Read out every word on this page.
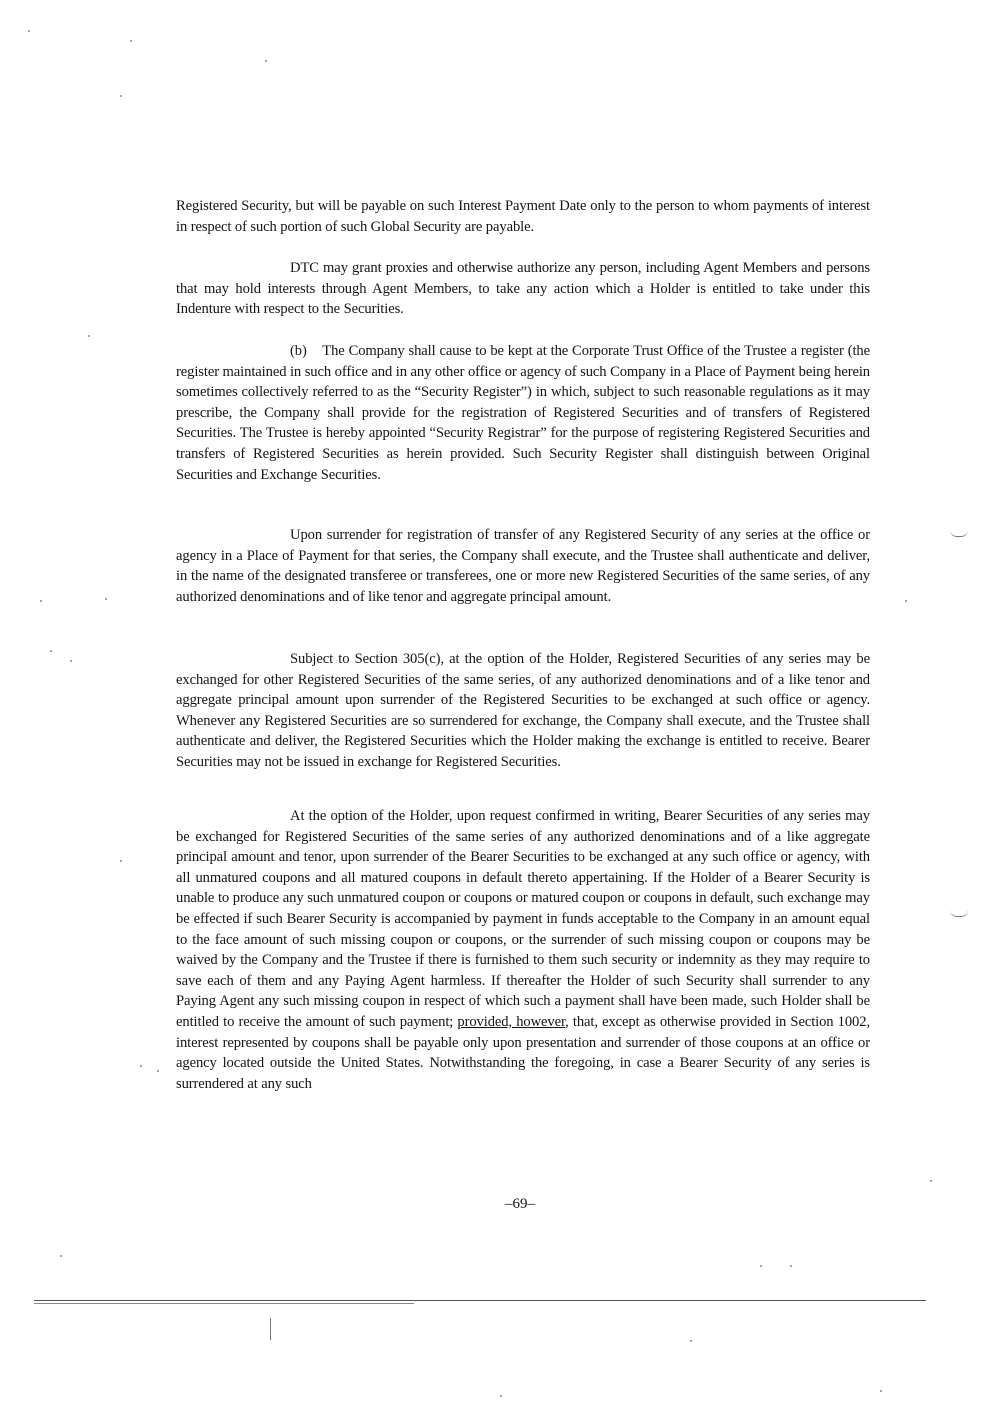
Registered Security, but will be payable on such Interest Payment Date only to the person to whom payments of interest in respect of such portion of such Global Security are payable.

DTC may grant proxies and otherwise authorize any person, including Agent Members and persons that may hold interests through Agent Members, to take any action which a Holder is entitled to take under this Indenture with respect to the Securities.

(b)    The Company shall cause to be kept at the Corporate Trust Office of the Trustee a register (the register maintained in such office and in any other office or agency of such Company in a Place of Payment being herein sometimes collectively referred to as the “Security Register”) in which, subject to such reasonable regulations as it may prescribe, the Company shall provide for the registration of Registered Securities and of transfers of Registered Securities. The Trustee is hereby appointed “Security Registrar” for the purpose of registering Registered Securities and transfers of Registered Securities as herein provided. Such Security Register shall distinguish between Original Securities and Exchange Securities.

Upon surrender for registration of transfer of any Registered Security of any series at the office or agency in a Place of Payment for that series, the Company shall execute, and the Trustee shall authenticate and deliver, in the name of the designated transferee or transferees, one or more new Registered Securities of the same series, of any authorized denominations and of like tenor and aggregate principal amount.

Subject to Section 305(c), at the option of the Holder, Registered Securities of any series may be exchanged for other Registered Securities of the same series, of any authorized denominations and of a like tenor and aggregate principal amount upon surrender of the Registered Securities to be exchanged at such office or agency. Whenever any Registered Securities are so surrendered for exchange, the Company shall execute, and the Trustee shall authenticate and deliver, the Registered Securities which the Holder making the exchange is entitled to receive. Bearer Securities may not be issued in exchange for Registered Securities.

At the option of the Holder, upon request confirmed in writing, Bearer Securities of any series may be exchanged for Registered Securities of the same series of any authorized denominations and of a like aggregate principal amount and tenor, upon surrender of the Bearer Securities to be exchanged at any such office or agency, with all unmatured coupons and all matured coupons in default thereto appertaining. If the Holder of a Bearer Security is unable to produce any such unmatured coupon or coupons or matured coupon or coupons in default, such exchange may be effected if such Bearer Security is accompanied by payment in funds acceptable to the Company in an amount equal to the face amount of such missing coupon or coupons, or the surrender of such missing coupon or coupons may be waived by the Company and the Trustee if there is furnished to them such security or indemnity as they may require to save each of them and any Paying Agent harmless. If thereafter the Holder of such Security shall surrender to any Paying Agent any such missing coupon in respect of which such a payment shall have been made, such Holder shall be entitled to receive the amount of such payment; provided, however, that, except as otherwise provided in Section 1002, interest represented by coupons shall be payable only upon presentation and surrender of those coupons at an office or agency located outside the United States. Notwithstanding the foregoing, in case a Bearer Security of any series is surrendered at any such

–69–
